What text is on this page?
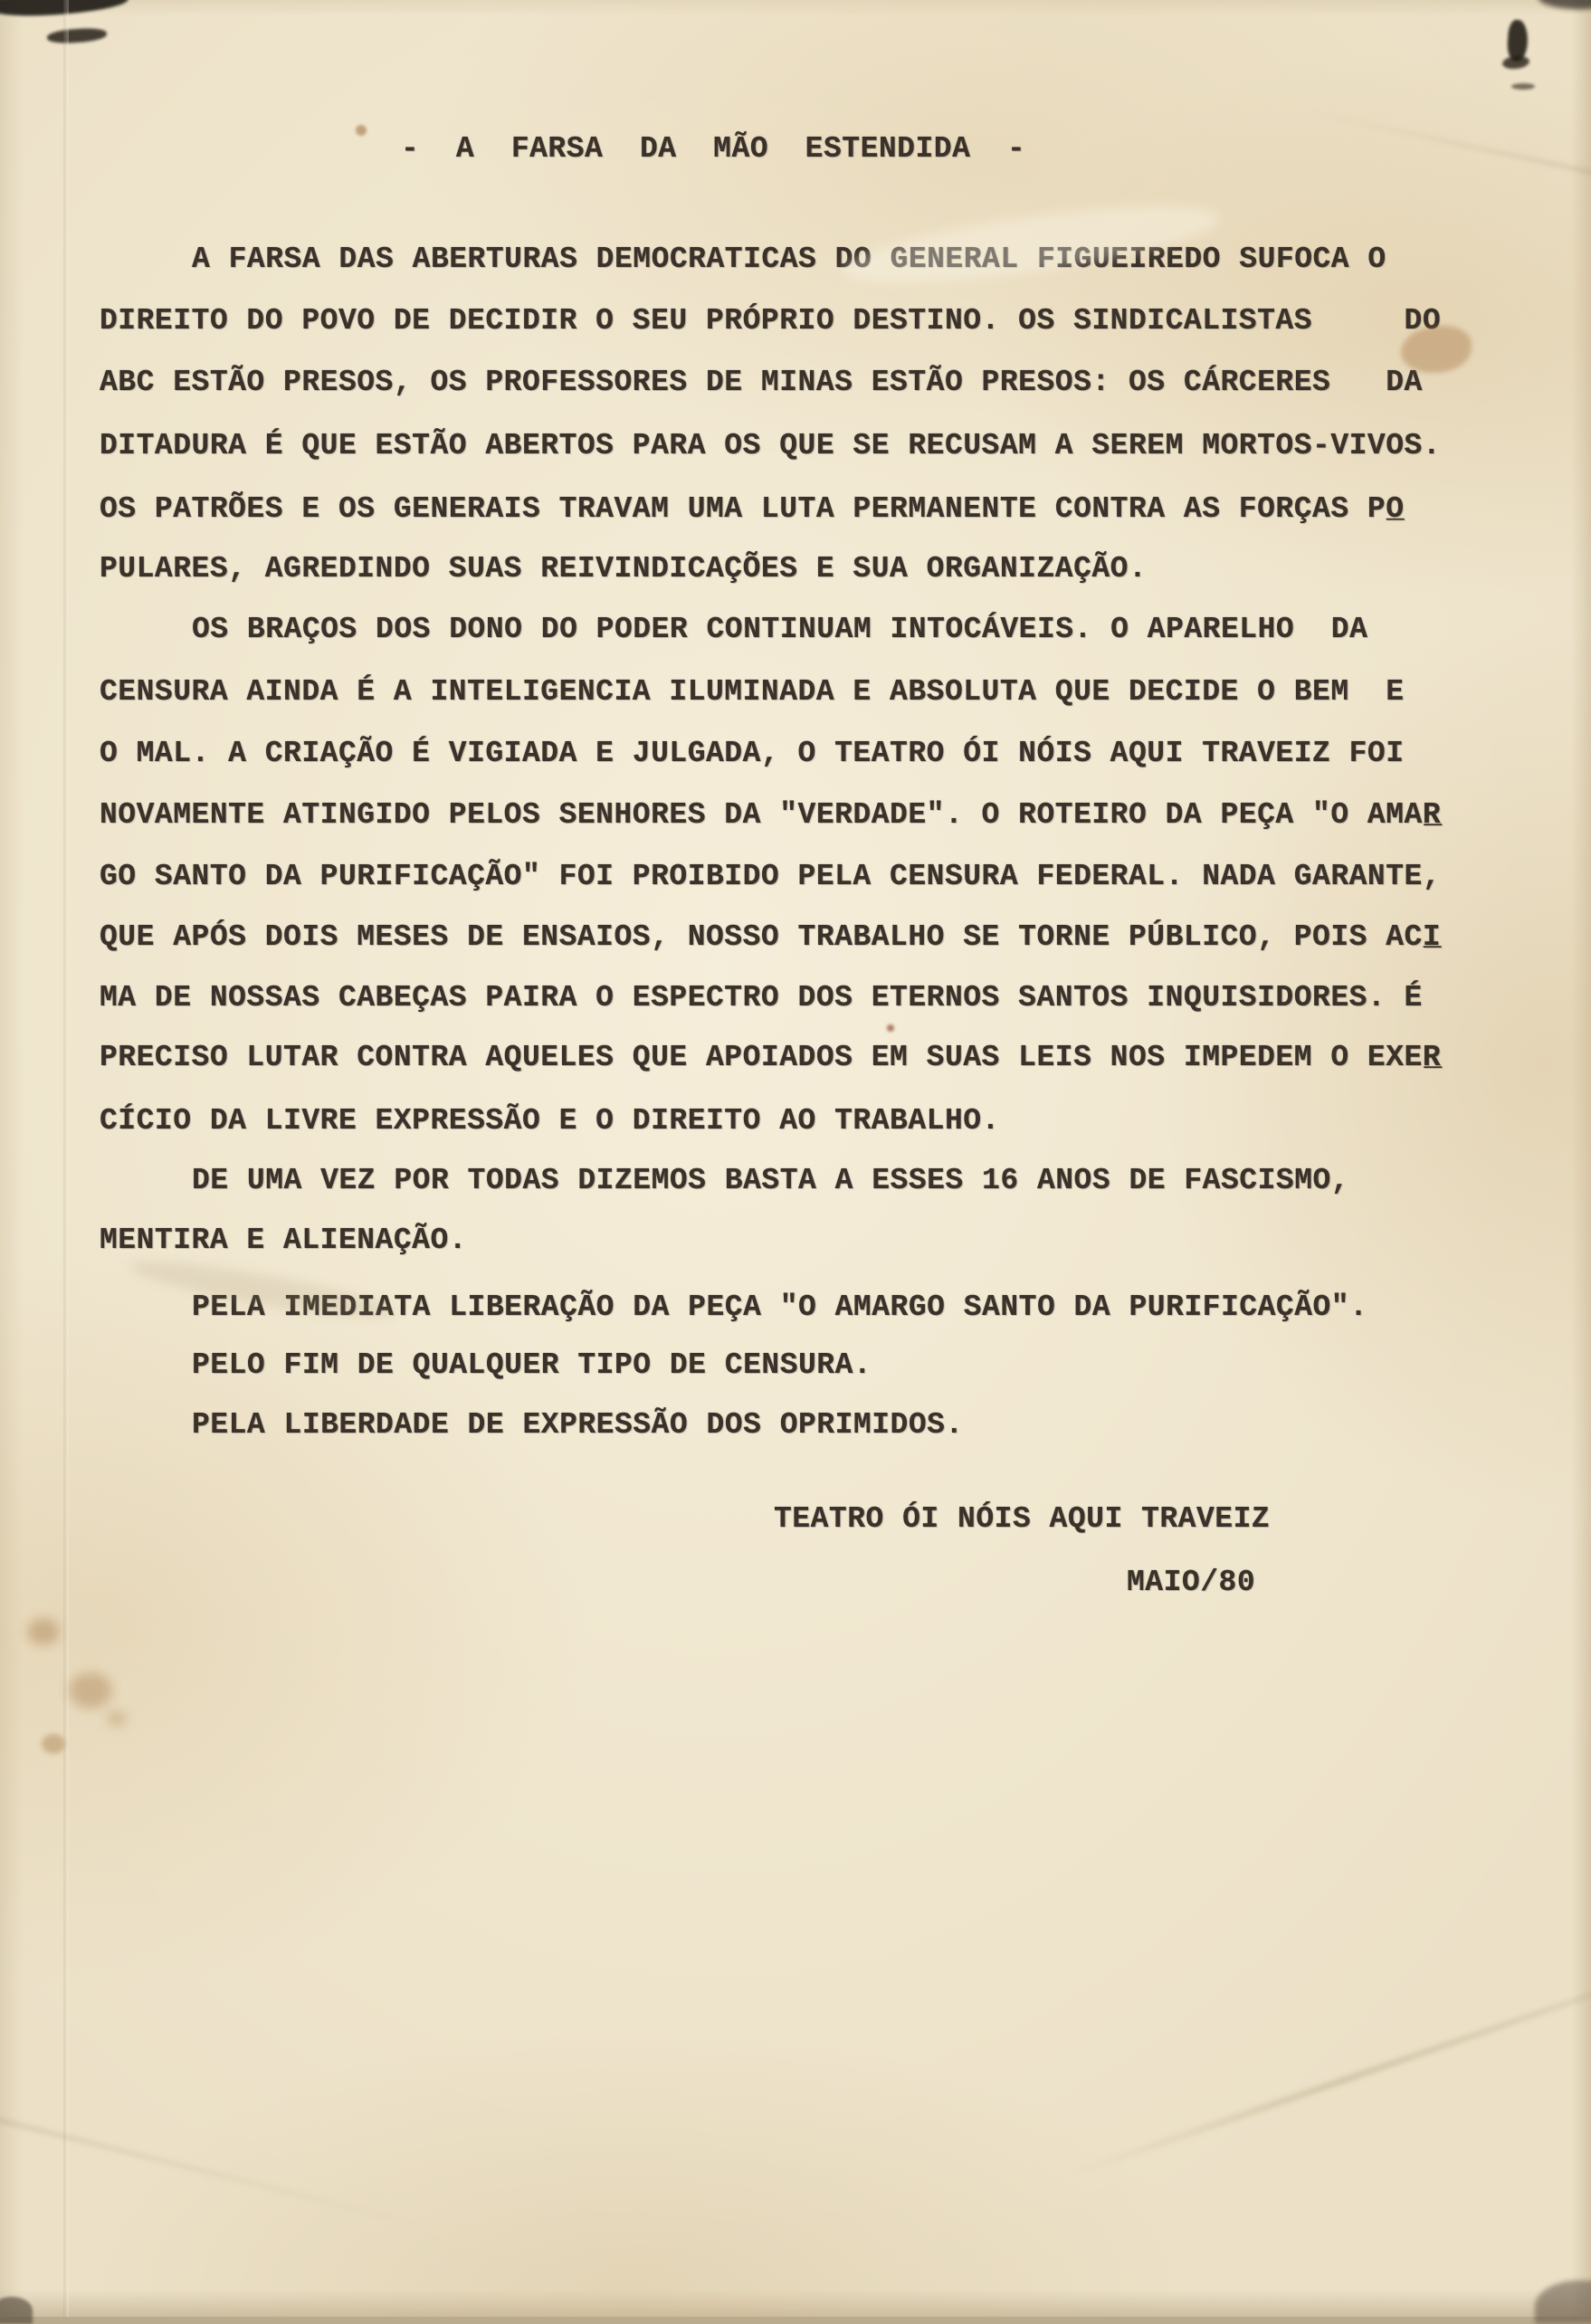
-  A  FARSA  DA  MÃO  ESTENDIDA  -
A FARSA DAS ABERTURAS DEMOCRATICAS DO GENERAL FIGUEIREDO SUFOCA O
DIREITO DO POVO DE DECIDIR O SEU PRÓPRIO DESTINO. OS SINDICALISTAS     DO
ABC ESTÃO PRESOS, OS PROFESSORES DE MINAS ESTÃO PRESOS: OS CÁRCERES   DA
DITADURA É QUE ESTÃO ABERTOS PARA OS QUE SE RECUSAM A SEREM MORTOS-VIVOS.
OS PATRÕES E OS GENERAIS TRAVAM UMA LUTA PERMANENTE CONTRA AS FORÇAS PO̲
PULARES, AGREDINDO SUAS REIVINDICAÇÕES E SUA ORGANIZAÇÃO.
OS BRAÇOS DOS DONO DO PODER CONTINUAM INTOCÁVEIS. O APARELHO  DA
CENSURA AINDA É A INTELIGENCIA ILUMINADA E ABSOLUTA QUE DECIDE O BEM  E
O MAL. A CRIAÇÃO É VIGIADA E JULGADA, O TEATRO ÓI NÓIS AQUI TRAVEIZ FOI
NOVAMENTE ATINGIDO PELOS SENHORES DA "VERDADE". O ROTEIRO DA PEÇA "O AMAR̲
GO SANTO DA PURIFICAÇÃO" FOI PROIBIDO PELA CENSURA FEDERAL. NADA GARANTE,
QUE APÓS DOIS MESES DE ENSAIOS, NOSSO TRABALHO SE TORNE PÚBLICO, POIS ACI̲
MA DE NOSSAS CABEÇAS PAIRA O ESPECTRO DOS ETERNOS SANTOS INQUISIDORES. É
PRECISO LUTAR CONTRA AQUELES QUE APOIADOS EM SUAS LEIS NOS IMPEDEM O EXER̲
CÍCIO DA LIVRE EXPRESSÃO E O DIREITO AO TRABALHO.
DE UMA VEZ POR TODAS DIZEMOS BASTA A ESSES 16 ANOS DE FASCISMO,
MENTIRA E ALIENAÇÃO.
PELA IMEDIATA LIBERAÇÃO DA PEÇA "O AMARGO SANTO DA PURIFICAÇÃO".
PELO FIM DE QUALQUER TIPO DE CENSURA.
PELA LIBERDADE DE EXPRESSÃO DOS OPRIMIDOS.
TEATRO ÓI NÓIS AQUI TRAVEIZ
MAIO/80
